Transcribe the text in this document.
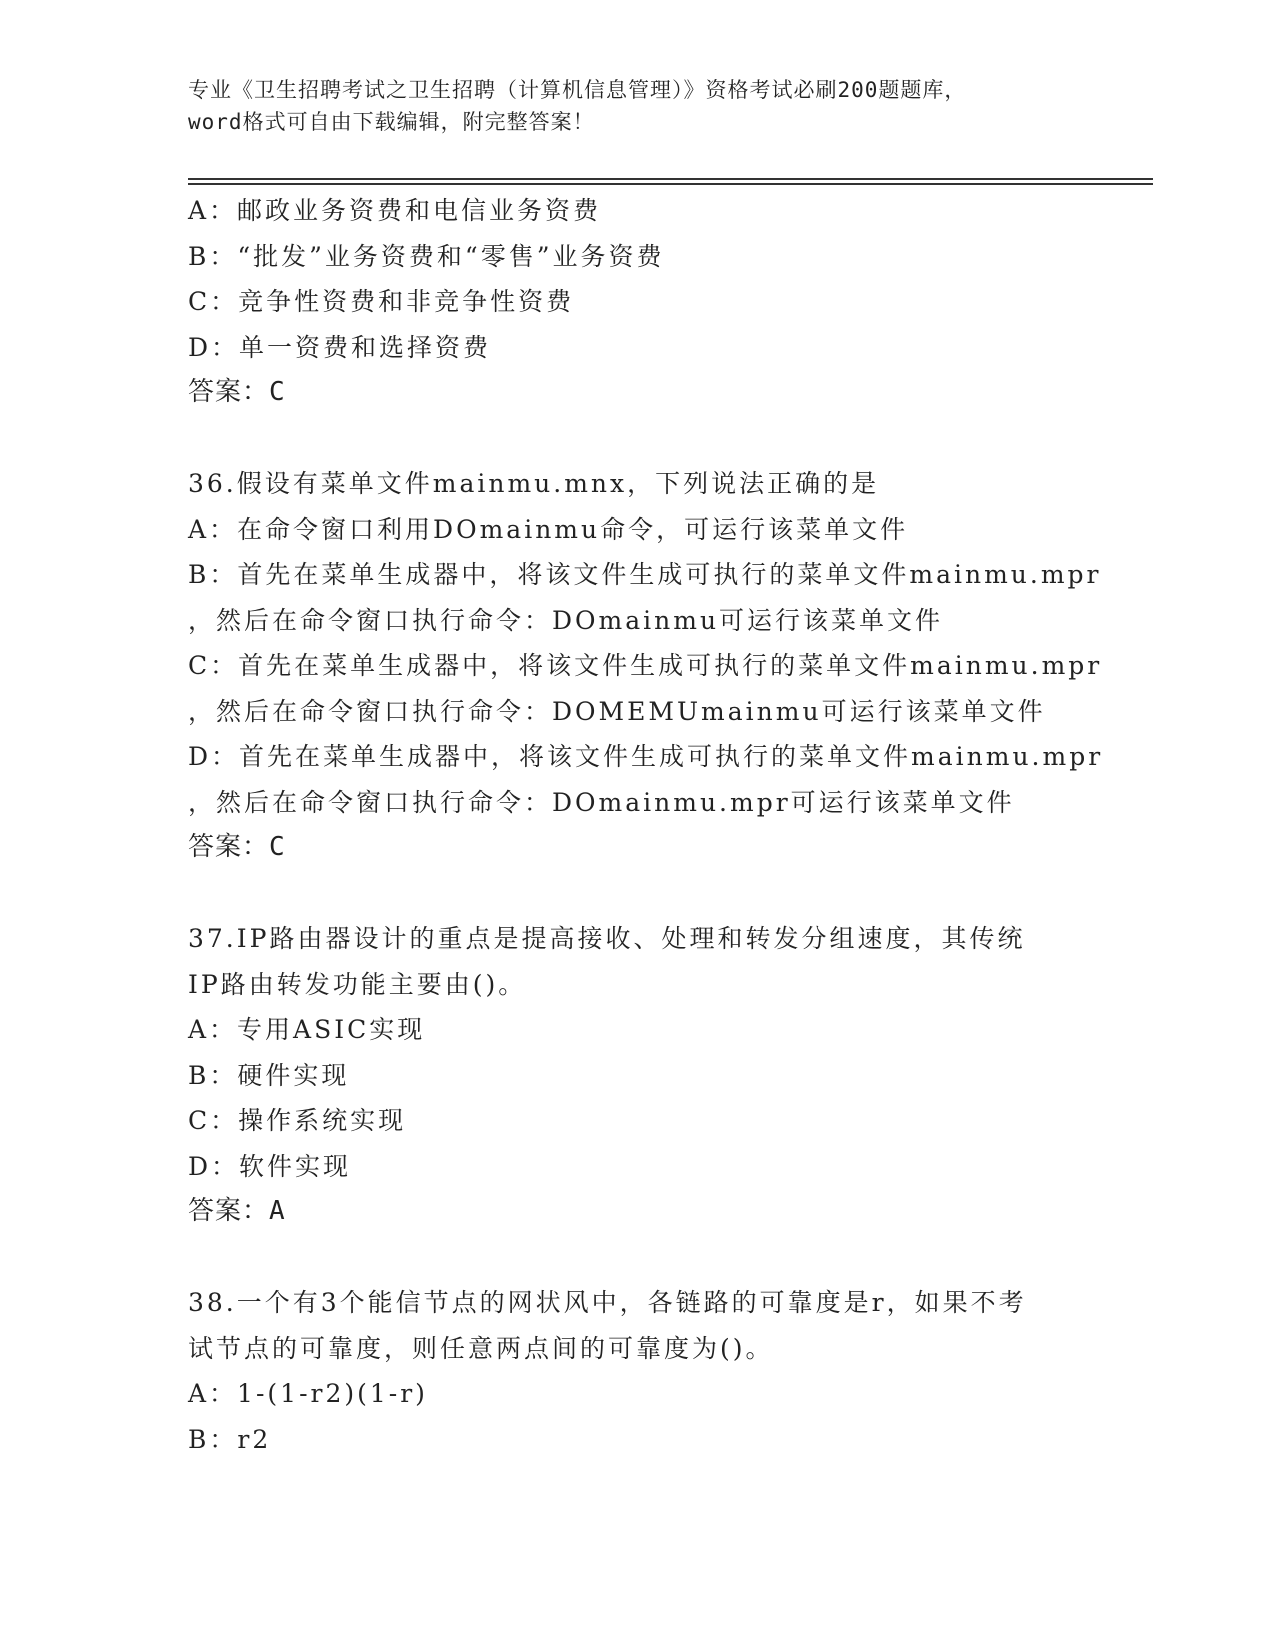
专业《卫生招聘考试之卫生招聘（计算机信息管理）》资格考试必刷200题题库，
word格式可自由下载编辑，附完整答案！
A：邮政业务资费和电信业务资费
B：“批发”业务资费和“零售”业务资费
C：竞争性资费和非竞争性资费
D：单一资费和选择资费
答案：C
36.假设有菜单文件mainmu.mnx，下列说法正确的是
A：在命令窗口利用DOmainmu命令，可运行该菜单文件
B：首先在菜单生成器中，将该文件生成可执行的菜单文件mainmu.mpr
，然后在命令窗口执行命令：DOmainmu可运行该菜单文件
C：首先在菜单生成器中，将该文件生成可执行的菜单文件mainmu.mpr
，然后在命令窗口执行命令：DOMEMUmainmu可运行该菜单文件
D：首先在菜单生成器中，将该文件生成可执行的菜单文件mainmu.mpr
，然后在命令窗口执行命令：DOmainmu.mpr可运行该菜单文件
答案：C
37.IP路由器设计的重点是提高接收、处理和转发分组速度，其传统
IP路由转发功能主要由()。
A：专用ASIC实现
B：硬件实现
C：操作系统实现
D：软件实现
答案：A
38.一个有3个能信节点的网状风中，各链路的可靠度是r，如果不考
试节点的可靠度，则任意两点间的可靠度为()。
A：1-(1-r2)(1-r)
B：r2
